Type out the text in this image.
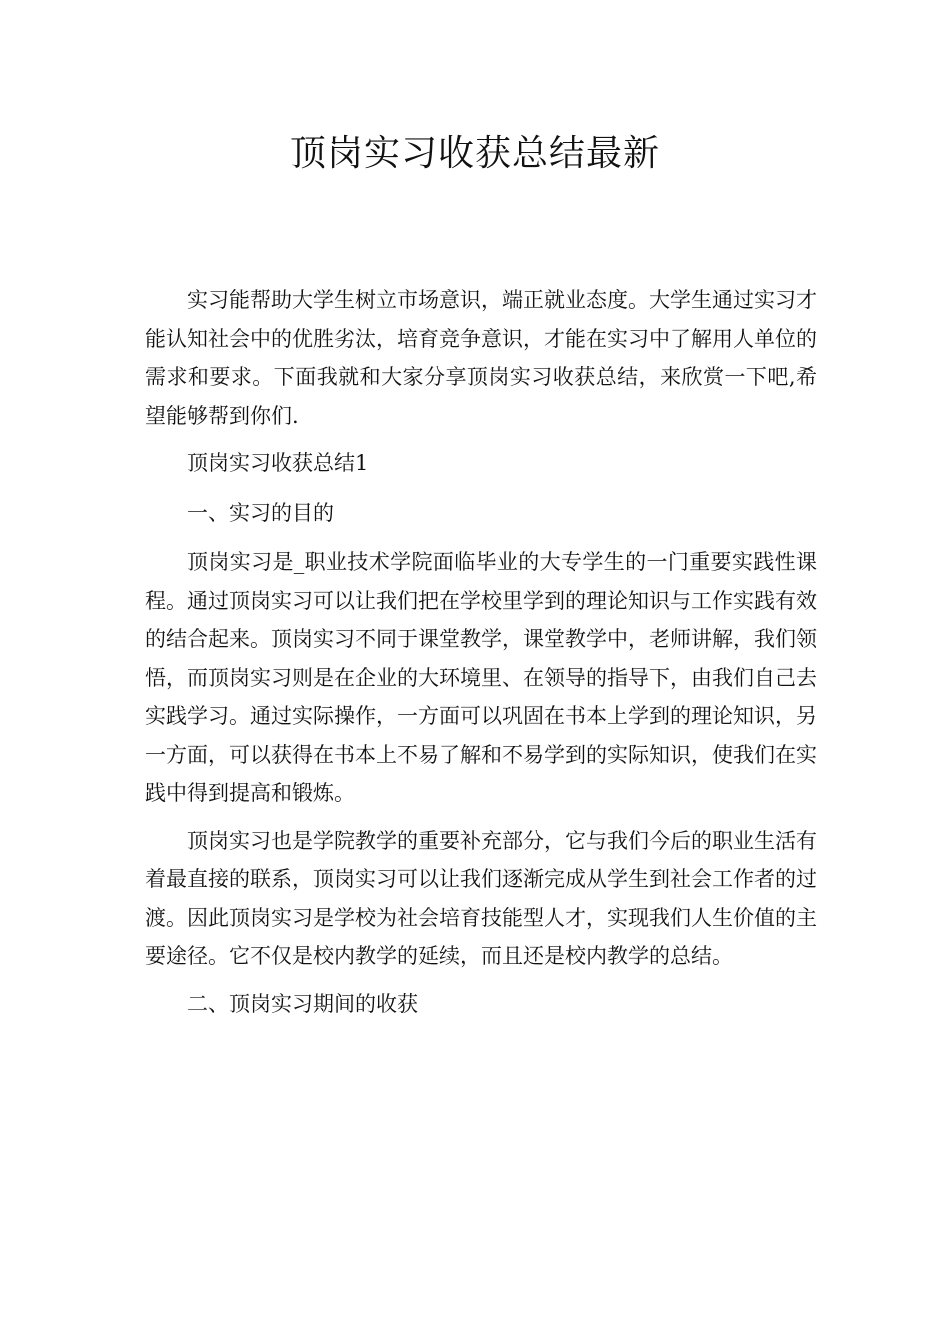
顶岗实习收获总结最新

实习能帮助大学生树立市场意识，端正就业态度。大学生通过实习才能认知社会中的优胜劣汰，培育竞争意识，才能在实习中了解用人单位的需求和要求。下面我就和大家分享顶岗实习收获总结，来欣赏一下吧,希望能够帮到你们.

顶岗实习收获总结1

一、实习的目的

顶岗实习是_职业技术学院面临毕业的大专学生的一门重要实践性课程。通过顶岗实习可以让我们把在学校里学到的理论知识与工作实践有效的结合起来。顶岗实习不同于课堂教学，课堂教学中，老师讲解，我们领悟，而顶岗实习则是在企业的大环境里、在领导的指导下，由我们自己去实践学习。通过实际操作，一方面可以巩固在书本上学到的理论知识，另一方面，可以获得在书本上不易了解和不易学到的实际知识，使我们在实践中得到提高和锻炼。

顶岗实习也是学院教学的重要补充部分，它与我们今后的职业生活有着最直接的联系，顶岗实习可以让我们逐渐完成从学生到社会工作者的过渡。因此顶岗实习是学校为社会培育技能型人才，实现我们人生价值的主要途径。它不仅是校内教学的延续，而且还是校内教学的总结。

二、顶岗实习期间的收获
